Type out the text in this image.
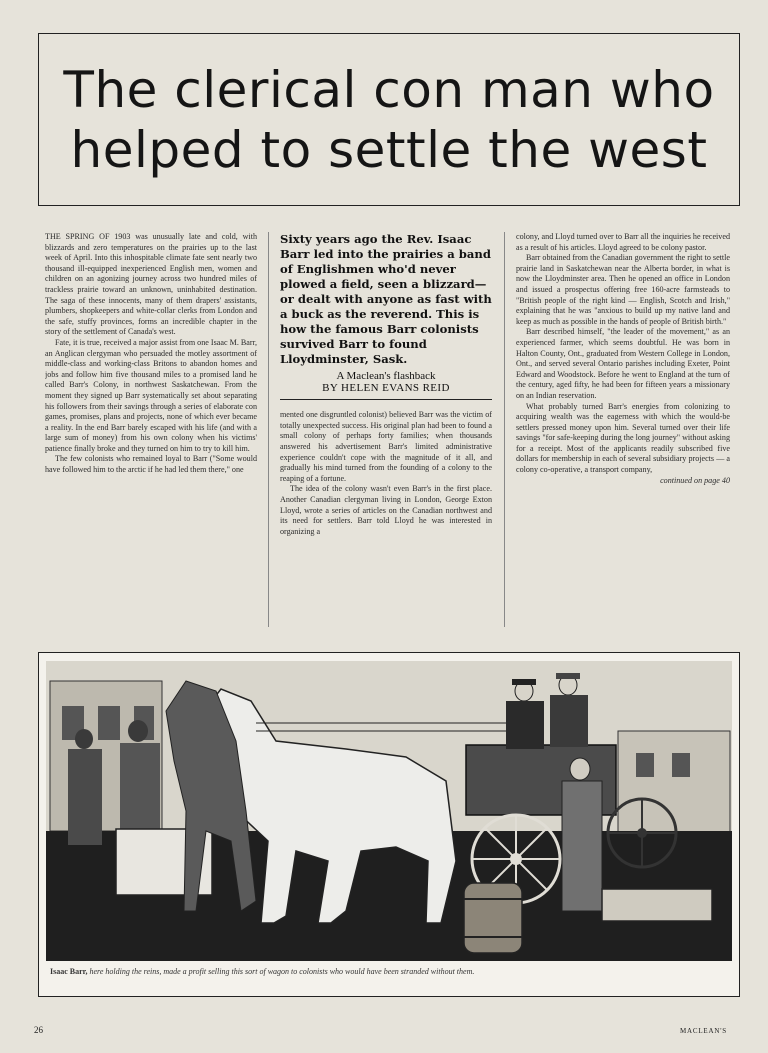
The clerical con man who
helped to settle the west

THE SPRING OF 1903 was unusually late and cold, with blizzards and zero temperatures on the prairies up to the last week of April. Into this inhospitable climate fate sent nearly two thousand ill-equipped inexperienced English men, women and children on an agonizing journey across two hundred miles of trackless prairie toward an unknown, uninhabited destination. The saga of these innocents, many of them drapers' assistants, plumbers, shopkeepers and white-collar clerks from London and the safe, stuffy provinces, forms an incredible chapter in the story of the settlement of Canada's west.

Fate, it is true, received a major assist from one Isaac M. Barr, an Anglican clergyman who persuaded the motley assortment of middle-class and working-class Britons to abandon homes and jobs and follow him five thousand miles to a promised land he called Barr's Colony, in northwest Saskatchewan. From the moment they signed up Barr systematically set about separating his followers from their savings through a series of elaborate con games, promises, plans and projects, none of which ever became a reality. In the end Barr barely escaped with his life (and with a large sum of money) from his own colony when his victims' patience finally broke and they turned on him to try to kill him.

The few colonists who remained loyal to Barr ("Some would have followed him to the arctic if he had led them there," one

Sixty years ago the Rev. Isaac Barr led into the prairies a band of Englishmen who'd never plowed a field, seen a blizzard—or dealt with anyone as fast with a buck as the reverend. This is how the famous Barr colonists survived Barr to found Lloydminster, Sask.
A Maclean's flashback
BY HELEN EVANS REID

mented one disgruntled colonist) believed Barr was the victim of totally unexpected success. His original plan had been to found a small colony of perhaps forty families; when thousands answered his advertisement Barr's limited administrative experience couldn't cope with the magnitude of it all, and gradually his mind turned from the founding of a colony to the reaping of a fortune.

The idea of the colony wasn't even Barr's in the first place. Another Canadian clergyman living in London, George Exton Lloyd, wrote a series of articles on the Canadian northwest and its need for settlers. Barr told Lloyd he was interested in organizing a

colony, and Lloyd turned over to Barr all the inquiries he received as a result of his articles. Lloyd agreed to be colony pastor.

Barr obtained from the Canadian government the right to settle prairie land in Saskatchewan near the Alberta border, in what is now the Lloydminster area. Then he opened an office in London and issued a prospectus offering free 160-acre farmsteads to "British people of the right kind — English, Scotch and Irish," explaining that he was "anxious to build up my native land and keep as much as possible in the hands of people of British birth."

Barr described himself, "the leader of the movement," as an experienced farmer, which seems doubtful. He was born in Halton County, Ont., graduated from Western College in London, Ont., and served several Ontario parishes including Exeter, Point Edward and Woodstock. Before he went to England at the turn of the century, aged fifty, he had been for fifteen years a missionary on an Indian reservation.

What probably turned Barr's energies from colonizing to acquiring wealth was the eagerness with which the would-be settlers pressed money upon him. Several turned over their life savings "for safe-keeping during the long journey" without asking for a receipt. Most of the applicants readily subscribed five dollars for membership in each of several subsidiary projects — a colony co-operative, a transport company,

continued on page 40
Isaac Barr, here holding the reins, made a profit selling this sort of wagon to colonists who would have been stranded without them.
26	MACLEAN'S
